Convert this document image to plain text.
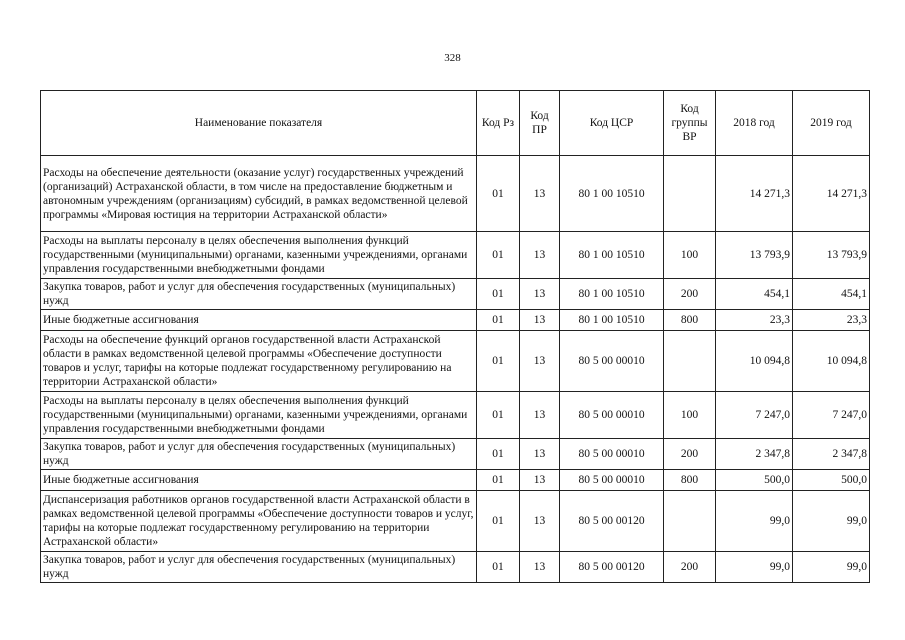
328
Наименование показателя	Код Рз	Код ПР	Код ЦСР	Код группы ВР	2018 год	2019 год
Расходы на обеспечение деятельности (оказание услуг) государственных учреждений (организаций) Астраханской области, в том числе на предоставление бюджетным и автономным учреждениям (организациям) субсидий, в рамках ведомственной целевой программы «Мировая юстиция на территории Астраханской области»	01	13	80 1 00 10510		14 271,3	14 271,3
Расходы на выплаты персоналу в целях обеспечения выполнения функций государственными (муниципальными) органами, казенными учреждениями, органами управления государственными внебюджетными фондами	01	13	80 1 00 10510	100	13 793,9	13 793,9
Закупка товаров, работ и услуг для обеспечения государственных (муниципальных) нужд	01	13	80 1 00 10510	200	454,1	454,1
Иные бюджетные ассигнования	01	13	80 1 00 10510	800	23,3	23,3
Расходы на обеспечение функций органов государственной власти Астраханской области в рамках ведомственной целевой программы «Обеспечение доступности товаров и услуг, тарифы на которые подлежат государственному регулированию на территории Астраханской области»	01	13	80 5 00 00010		10 094,8	10 094,8
Расходы на выплаты персоналу в целях обеспечения выполнения функций государственными (муниципальными) органами, казенными учреждениями, органами управления государственными внебюджетными фондами	01	13	80 5 00 00010	100	7 247,0	7 247,0
Закупка товаров, работ и услуг для обеспечения государственных (муниципальных) нужд	01	13	80 5 00 00010	200	2 347,8	2 347,8
Иные бюджетные ассигнования	01	13	80 5 00 00010	800	500,0	500,0
Диспансеризация работников органов государственной власти Астраханской области в рамках ведомственной целевой программы «Обеспечение доступности товаров и услуг, тарифы на которые подлежат государственному регулированию на территории Астраханской области»	01	13	80 5 00 00120		99,0	99,0
Закупка товаров, работ и услуг для обеспечения государственных (муниципальных) нужд	01	13	80 5 00 00120	200	99,0	99,0
